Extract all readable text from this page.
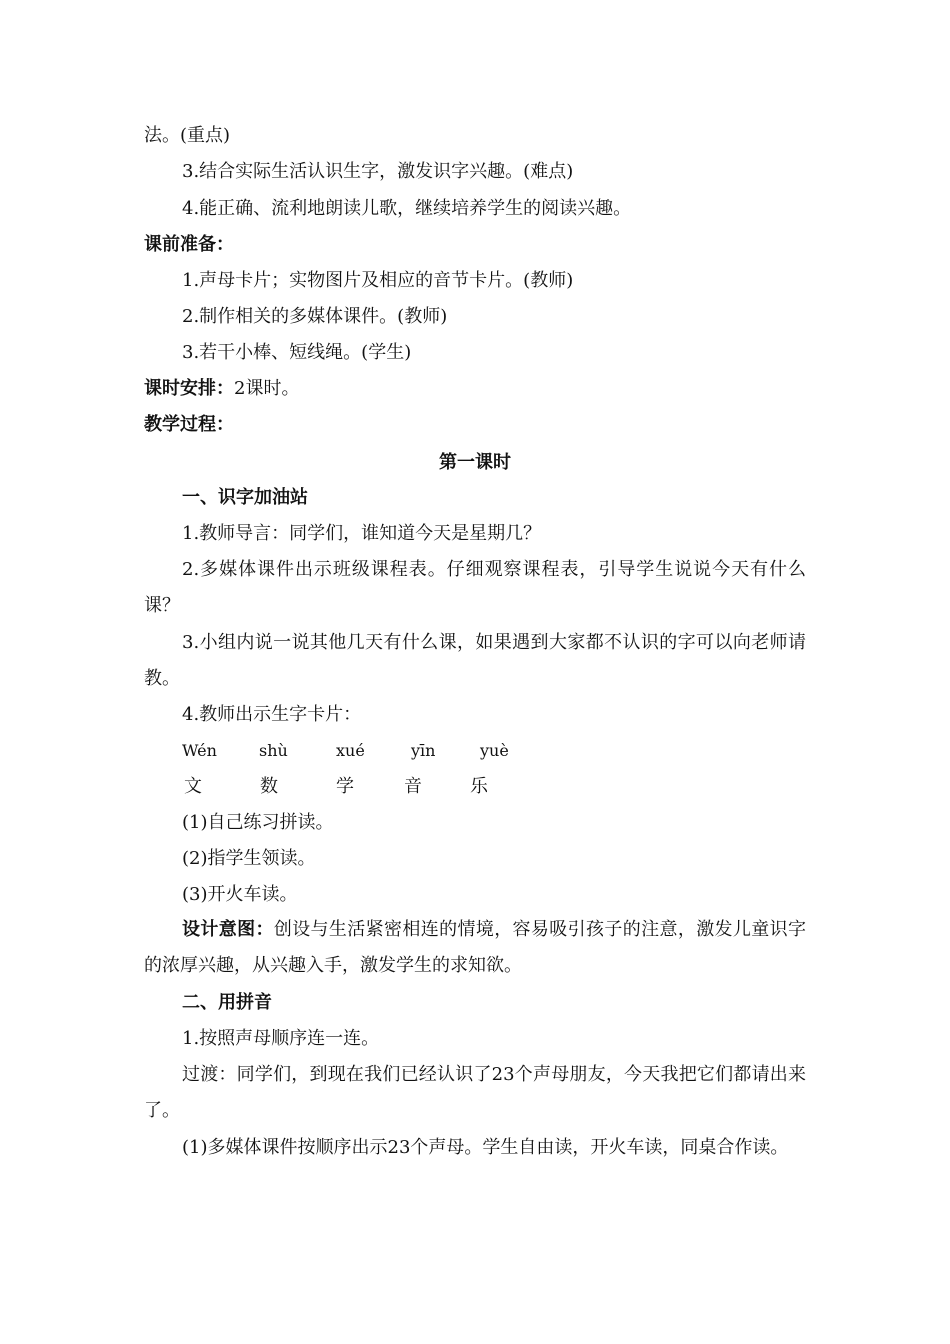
法。(重点)
3.结合实际生活认识生字，激发识字兴趣。(难点)
4.能正确、流利地朗读儿歌，继续培养学生的阅读兴趣。
课前准备：
1.声母卡片；实物图片及相应的音节卡片。(教师)
2.制作相关的多媒体课件。(教师)
3.若干小棒、短线绳。(学生)
课时安排：2课时。
教学过程：
第一课时
一、识字加油站
1.教师导言：同学们，谁知道今天是星期几？
2.多媒体课件出示班级课程表。仔细观察课程表，引导学生说说今天有什么课？
3.小组内说一说其他几天有什么课，如果遇到大家都不认识的字可以向老师请教。
4.教师出示生字卡片：
Wén	shù	xué	yīn	yuè
文	数	学	音	乐
(1)自己练习拼读。
(2)指学生领读。
(3)开火车读。
设计意图：创设与生活紧密相连的情境，容易吸引孩子的注意，激发儿童识字的浓厚兴趣，从兴趣入手，激发学生的求知欲。
二、用拼音
1.按照声母顺序连一连。
过渡：同学们，到现在我们已经认识了23个声母朋友，今天我把它们都请出来了。
(1)多媒体课件按顺序出示23个声母。学生自由读，开火车读，同桌合作读。
